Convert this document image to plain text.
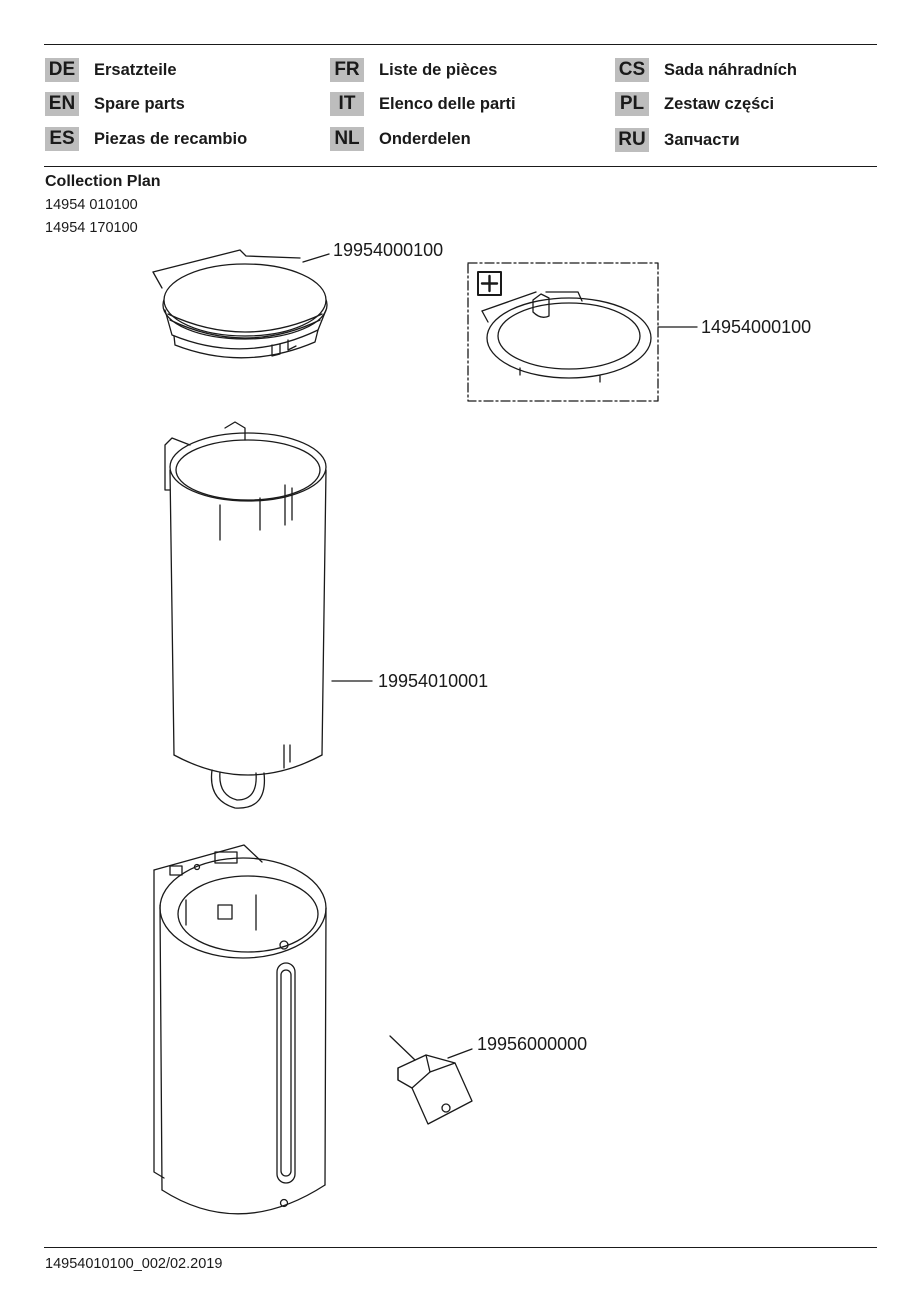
DE Ersatzteile
EN Spare parts
ES Piezas de recambio
FR Liste de pièces
IT	Elenco delle parti
NL Onderdelen
CS Sada náhradních
PL Zestaw części
RU Запчасти
Collection Plan
14954 010100
14954 170100
19954000100
14954000100
19954010001
19956000000
14954010100_002/02.2019
